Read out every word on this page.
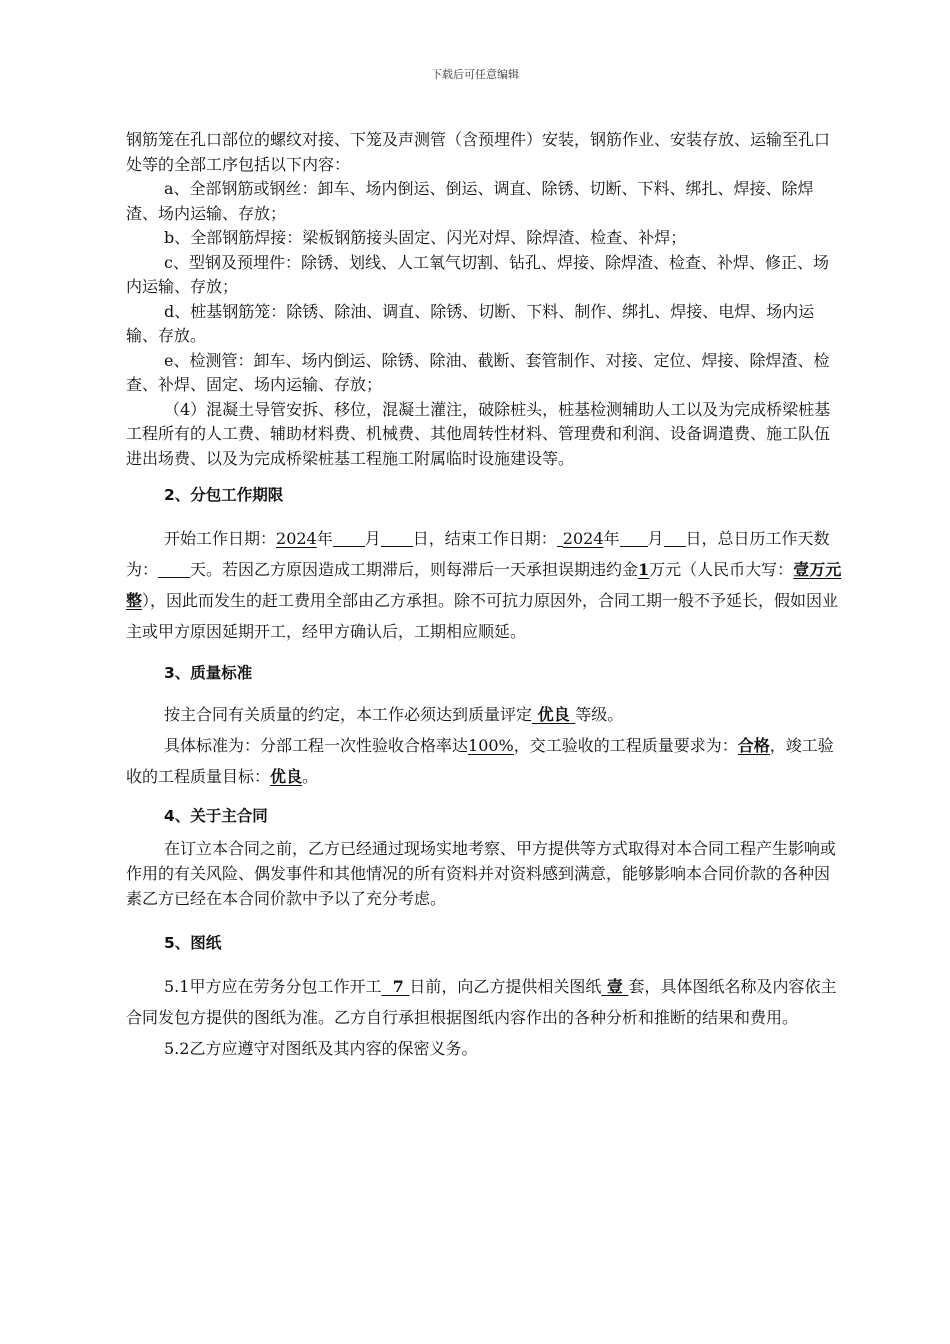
下载后可任意编辑

钢筋笼在孔口部位的螺纹对接、下笼及声测管（含预埋件）安装，钢筋作业、安装存放、运输至孔口处等的全部工序包括以下内容：

a、全部钢筋或钢丝：卸车、场内倒运、倒运、调直、除锈、切断、下料、绑扎、焊接、除焊渣、场内运输、存放；

b、全部钢筋焊接：梁板钢筋接头固定、闪光对焊、除焊渣、检查、补焊；

c、型钢及预埋件：除锈、划线、人工氧气切割、钻孔、焊接、除焊渣、检查、补焊、修正、场内运输、存放；

d、桩基钢筋笼：除锈、除油、调直、除锈、切断、下料、制作、绑扎、焊接、电焊、场内运输、存放。

e、检测管：卸车、场内倒运、除锈、除油、截断、套管制作、对接、定位、焊接、除焊渣、检查、补焊、固定、场内运输、存放；

（4）混凝土导管安拆、移位，混凝土灌注，破除桩头，桩基检测辅助人工以及为完成桥梁桩基工程所有的人工费、辅助材料费、机械费、其他周转性材料、管理费和利润、设备调遣费、施工队伍进出场费、以及为完成桥梁桩基工程施工附属临时设施建设等。

2、分包工作期限

开始工作日期：2024年 月 日，结束工作日期： 2024年 月 日，总日历工作天数为： 天。若因乙方原因造成工期滞后，则每滞后一天承担误期违约金1万元（人民币大写：壹万元整），因此而发生的赶工费用全部由乙方承担。除不可抗力原因外，合同工期一般不予延长，假如因业主或甲方原因延期开工，经甲方确认后，工期相应顺延。

3、质量标准

按主合同有关质量的约定，本工作必须达到质量评定 优良 等级。

具体标准为：分部工程一次性验收合格率达100%，交工验收的工程质量要求为：合格，竣工验收的工程质量目标：优良。

4、关于主合同

在订立本合同之前，乙方已经通过现场实地考察、甲方提供等方式取得对本合同工程产生影响或作用的有关风险、偶发事件和其他情况的所有资料并对资料感到满意，能够影响本合同价款的各种因素乙方已经在本合同价款中予以了充分考虑。

5、图纸

5.1甲方应在劳务分包工作开工 7 日前，向乙方提供相关图纸 壹 套，具体图纸名称及内容依主合同发包方提供的图纸为准。乙方自行承担根据图纸内容作出的各种分析和推断的结果和费用。

5.2乙方应遵守对图纸及其内容的保密义务。
